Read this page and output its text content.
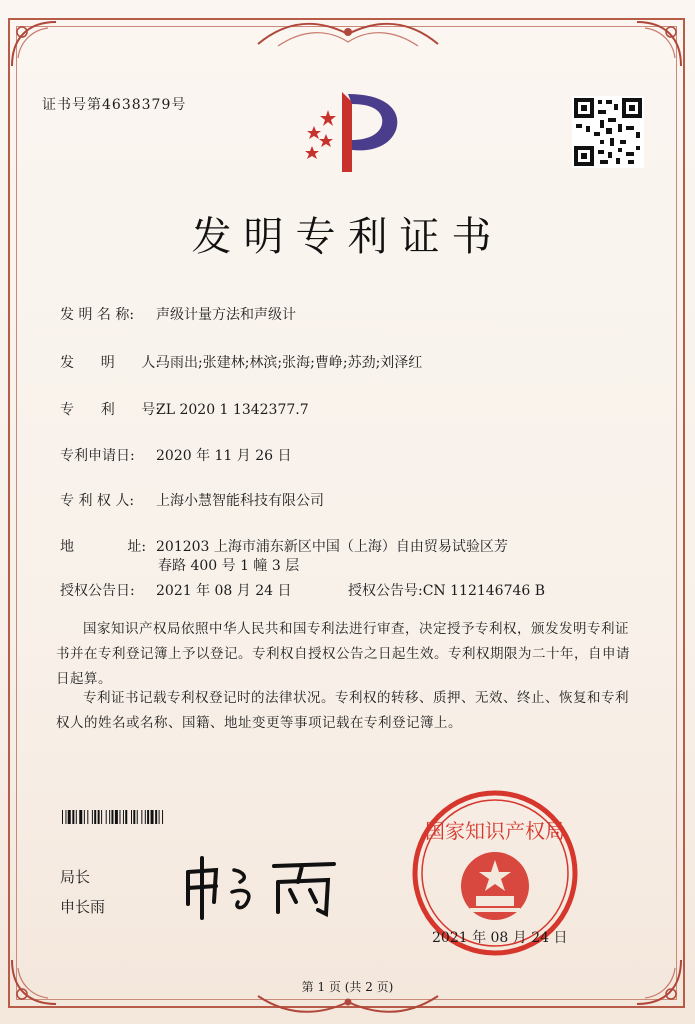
证书号第4638379号
发明专利证书
发 明 名 称: 声级计量方法和声级计
发      明      人:马雨出;张建林;林滨;张海;曹峥;苏劲;刘泽红
专      利      号:ZL 2020 1 1342377.7
专利申请日: 2020 年 11 月 26 日
专 利 权 人: 上海小慧智能科技有限公司
地            址: 201203 上海市浦东新区中国（上海）自由贸易试验区芳
春路 400 号 1 幢 3 层
授权公告日: 2021 年 08 月 24 日	授权公告号:CN 112146746 B
国家知识产权局依照中华人民共和国专利法进行审查，决定授予专利权，颁发发明专利证书并在专利登记簿上予以登记。专利权自授权公告之日起生效。专利权期限为二十年，自申请日起算。
专利证书记载专利权登记时的法律状况。专利权的转移、质押、无效、终止、恢复和专利权人的姓名或名称、国籍、地址变更等事项记载在专利登记簿上。
局长
申长雨
国家知识产权局
2021 年 08 月 24 日
第 1 页 (共 2 页)
